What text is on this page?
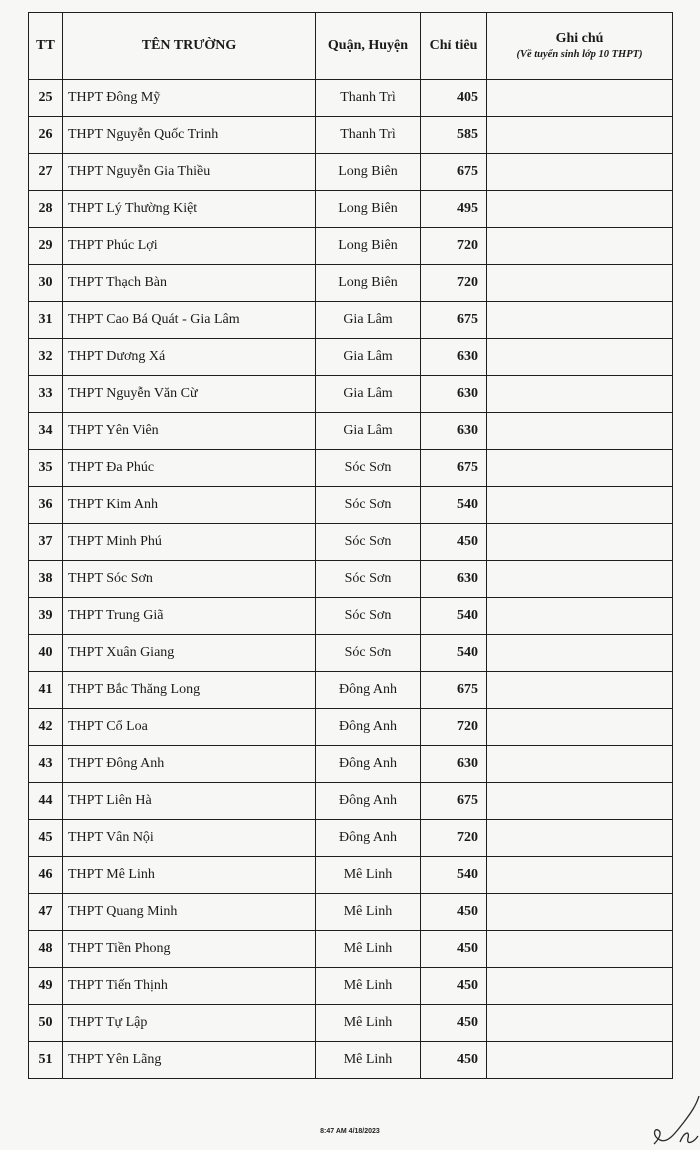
TT	TÊN TRƯỜNG	Quận, Huyện	Chỉ tiêu	Ghi chú
(Về tuyển sinh lớp 10 THPT)

25	THPT Đông Mỹ	Thanh Trì	405	
26	THPT Nguyễn Quốc Trinh	Thanh Trì	585	
27	THPT Nguyễn Gia Thiều	Long Biên	675	
28	THPT Lý Thường Kiệt	Long Biên	495	
29	THPT Phúc Lợi	Long Biên	720	
30	THPT Thạch Bàn	Long Biên	720	
31	THPT Cao Bá Quát - Gia Lâm	Gia Lâm	675	
32	THPT Dương Xá	Gia Lâm	630	
33	THPT Nguyễn Văn Cừ	Gia Lâm	630	
34	THPT Yên Viên	Gia Lâm	630	
35	THPT Đa Phúc	Sóc Sơn	675	
36	THPT Kim Anh	Sóc Sơn	540	
37	THPT Minh Phú	Sóc Sơn	450	
38	THPT Sóc Sơn	Sóc Sơn	630	
39	THPT Trung Giã	Sóc Sơn	540	
40	THPT Xuân Giang	Sóc Sơn	540	
41	THPT Bắc Thăng Long	Đông Anh	675	
42	THPT Cổ Loa	Đông Anh	720	
43	THPT Đông Anh	Đông Anh	630	
44	THPT Liên Hà	Đông Anh	675	
45	THPT Vân Nội	Đông Anh	720	
46	THPT Mê Linh	Mê Linh	540	
47	THPT Quang Minh	Mê Linh	450	
48	THPT Tiền Phong	Mê Linh	450	
49	THPT Tiến Thịnh	Mê Linh	450	
50	THPT Tự Lập	Mê Linh	450	
51	THPT Yên Lãng	Mê Linh	450	
8:47 AM 4/18/2023
